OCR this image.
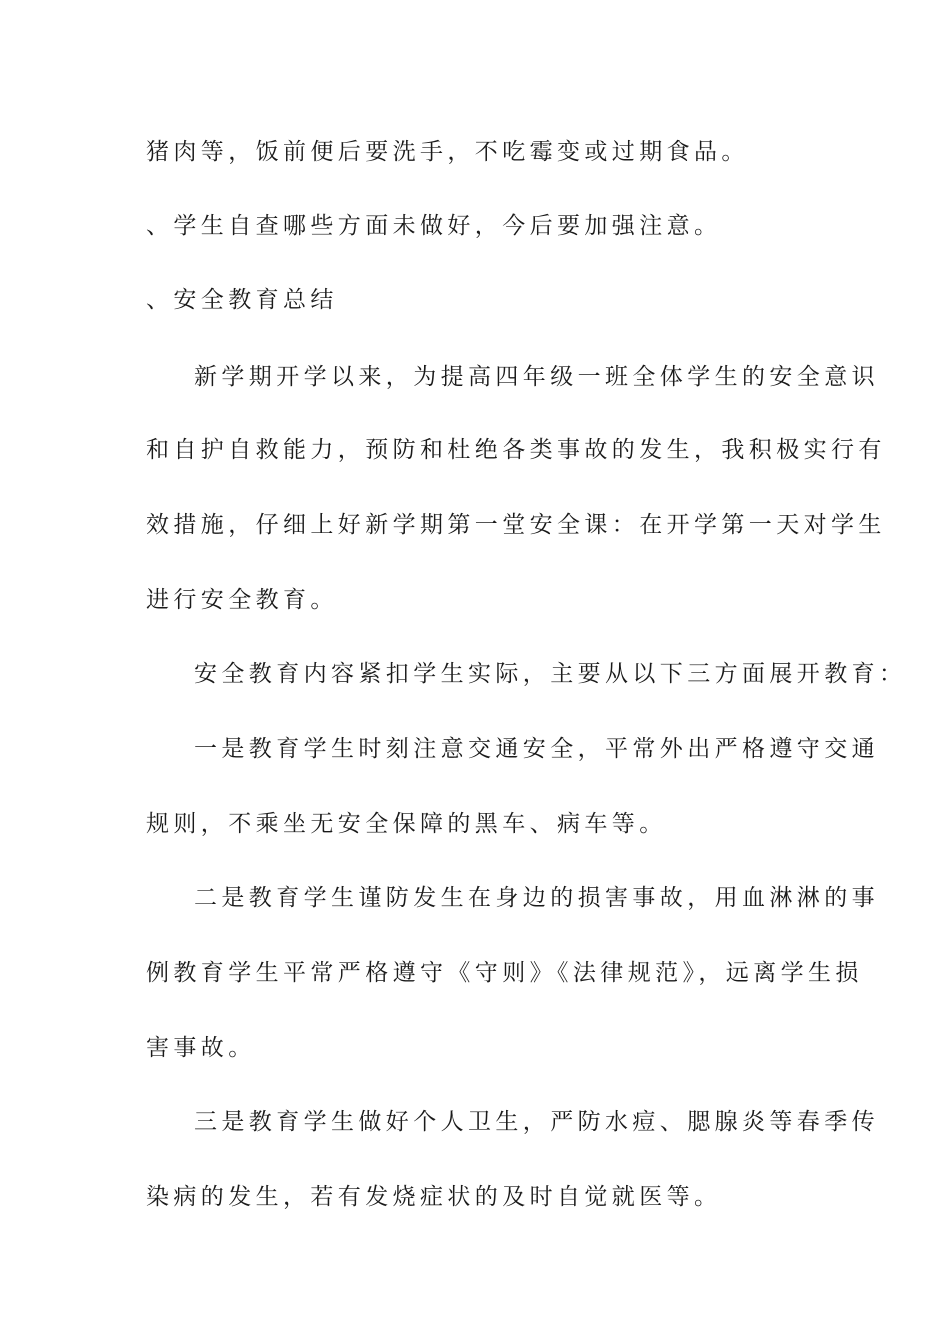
猪肉等，饭前便后要洗手，不吃霉变或过期食品。
、学生自查哪些方面未做好，今后要加强注意。
、安全教育总结
新学期开学以来，为提高四年级一班全体学生的安全意识
和自护自救能力，预防和杜绝各类事故的发生，我积极实行有
效措施，仔细上好新学期第一堂安全课：在开学第一天对学生
进行安全教育。
安全教育内容紧扣学生实际，主要从以下三方面展开教育：
一是教育学生时刻注意交通安全，平常外出严格遵守交通
规则，不乘坐无安全保障的黑车、病车等。
二是教育学生谨防发生在身边的损害事故，用血淋淋的事
例教育学生平常严格遵守《守则》《法律规范》，远离学生损
害事故。
三是教育学生做好个人卫生，严防水痘、腮腺炎等春季传
染病的发生，若有发烧症状的及时自觉就医等。
